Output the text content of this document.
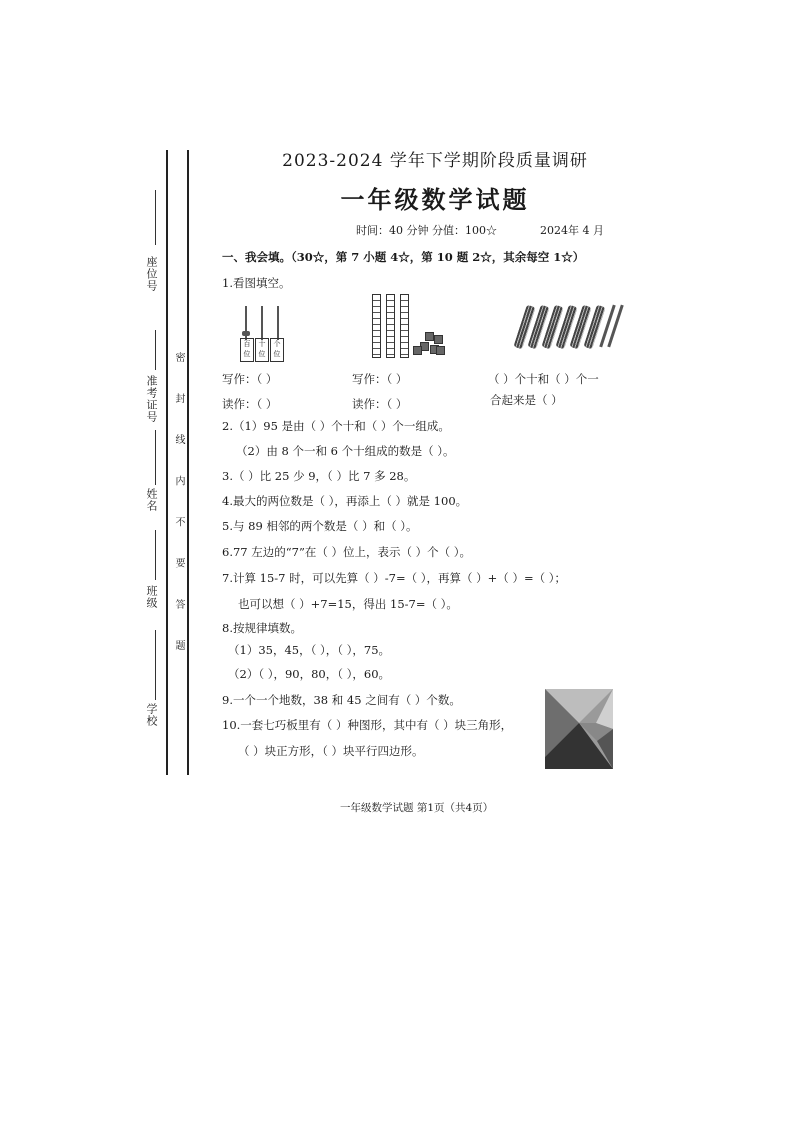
座位号
准考证号
姓名
班级
学校
密 封 线 内 不 要 答 题
2023-2024 学年下学期阶段质量调研
一年级数学试题
时间：40 分钟 分值：100☆	2024年 4 月
一、我会填。（30☆，第 7 小题 4☆，第 10 题 2☆，其余每空 1☆）
1.看图填空。
百位
十位
个位
写作：（ ）
读作：（ ）
写作：（ ）
读作：（ ）
（ ）个十和（ ）个一
合起来是（ ）
2.（1）95 是由（ ）个十和（ ）个一组成。
（2）由 8 个一和 6 个十组成的数是（ ）。
3.（ ）比 25 少 9，（ ）比 7 多 28。
4.最大的两位数是（ ），再添上（ ）就是 100。
5.与 89 相邻的两个数是（ ）和（ ）。
6.77 左边的“7”在（ ）位上，表示（ ）个（ ）。
7.计算 15-7 时，可以先算（ ）-7=（ ），再算（ ）+（ ）=（ ）；
也可以想（ ）+7=15，得出 15-7=（ ）。
8.按规律填数。
（1）35，45，（ ），（ ），75。
（2）（ ），90，80，（ ），60。
9.一个一个地数，38 和 45 之间有（ ）个数。
10.一套七巧板里有（ ）种图形，其中有（ ）块三角形，
（ ）块正方形，（ ）块平行四边形。
一年级数学试题 第1页（共4页）
